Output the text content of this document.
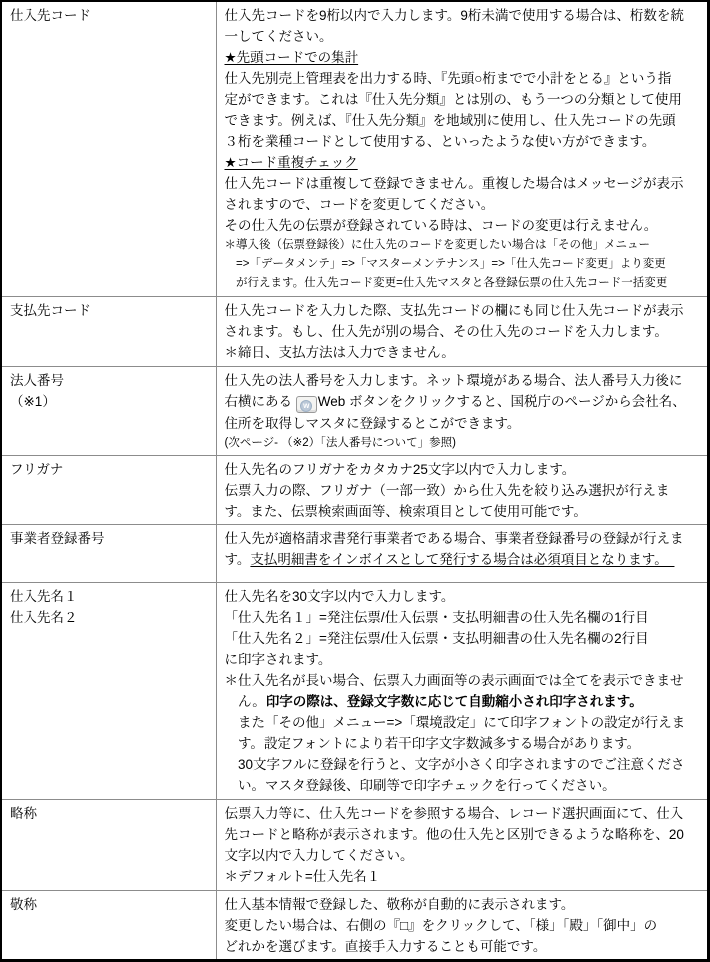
仕入先コード	仕入先コードを9桁以内で入力します。9桁未満で使用する場合は、桁数を統
一してください。
★先頭コードでの集計
仕入先別売上管理表を出力する時、『先頭○桁までで小計をとる』という指
定ができます。これは『仕入先分類』とは別の、もう一つの分類として使用
できます。例えば、『仕入先分類』を地域別に使用し、仕入先コードの先頭
３桁を業種コードとして使用する、といったような使い方ができます。
★コード重複チェック
仕入先コードは重複して登録できません。重複した場合はメッセージが表示
されますので、コードを変更してください。
その仕入先の伝票が登録されている時は、コードの変更は行えません。
＊導入後（伝票登録後）に仕入先のコードを変更したい場合は「その他」メニュー
　=>「データメンテ」=>「マスターメンテナンス」=>「仕入先コード変更」より変更
　が行えます。仕入先コード変更=仕入先マスタと各登録伝票の仕入先コード一括変更

支払先コード	仕入先コードを入力した際、支払先コードの欄にも同じ仕入先コードが表示
されます。もし、仕入先が別の場合、その仕入先のコードを入力します。
＊締日、支払方法は入力できません。

法人番号
（※1）

仕入先の法人番号を入力します。ネット環境がある場合、法人番号入力後に
右横にある w Web ボタンをクリックすると、国税庁のページから会社名、
住所を取得しマスタに登録するとこができます。
(次ページ- （※2）「法人番号について」参照)

フリガナ	仕入先名のフリガナをカタカナ25文字以内で入力します。
伝票入力の際、フリガナ（一部一致）から仕入先を絞り込み選択が行えま
す。また、伝票検索画面等、検索項目として使用可能です。

事業者登録番号	仕入先が適格請求書発行事業者である場合、事業者登録番号の登録が行えま
す。支払明細書をインボイスとして発行する場合は必須項目となります。　

仕入先名１
仕入先名２

仕入先名を30文字以内で入力します。
「仕入先名１」=発注伝票/仕入伝票・支払明細書の仕入先名欄の1行目
「仕入先名２」=発注伝票/仕入伝票・支払明細書の仕入先名欄の2行目
に印字されます。
＊仕入先名が長い場合、伝票入力画面等の表示画面では全てを表示できませ
　ん。印字の際は、登録文字数に応じて自動縮小され印字されます。
　また「その他」メニュー=>「環境設定」にて印字フォントの設定が行えま
　す。設定フォントにより若干印字文字数減多する場合があります。
　30文字フルに登録を行うと、文字が小さく印字されますのでご注意くださ
　い。マスタ登録後、印刷等で印字チェックを行ってください。

略称	伝票入力等に、仕入先コードを参照する場合、レコード選択画面にて、仕入
先コードと略称が表示されます。他の仕入先と区別できるような略称を、20
文字以内で入力してください。
＊デフォルト=仕入先名１

敬称	仕入基本情報で登録した、敬称が自動的に表示されます。
変更したい場合は、右側の『□』をクリックして、「様」「殿」「御中」の
どれかを選びます。直接手入力することも可能です。
